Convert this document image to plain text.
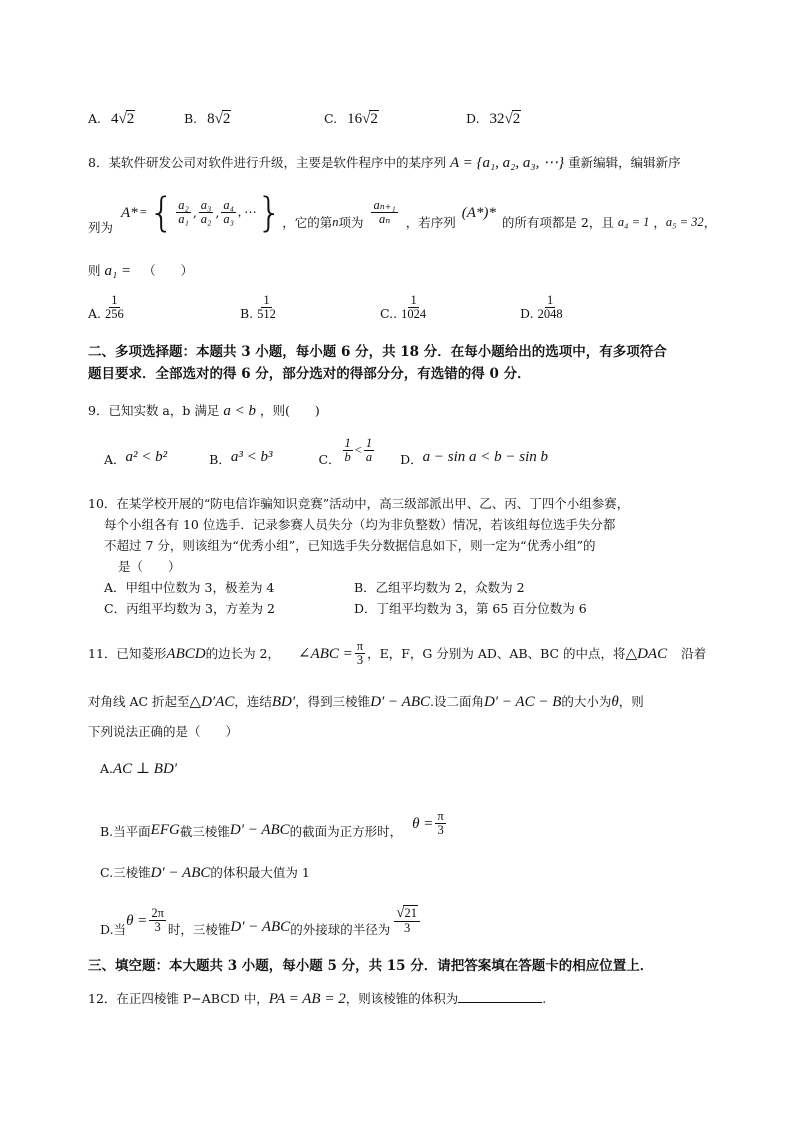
A. 4√2	B. 8√2	C. 16√2	D. 32√2
8．某软件研发公司对软件进行升级，主要是软件程序中的某序列 A = {a₁, a₂, a₃, ⋯} 重新编辑，编辑新序
列为
A* = { $\frac{\text{a₂}}{\text{a₁}}$ , $\frac{\text{a₃}}{\text{a₂}}$ , $\frac{\text{a₄}}{\text{a₃}}$ , ⋯ } ，它的第 n 项为 $\frac{\text{aₙ₊₁}}{\text{aₙ}}$ ，若序列
(A*)*
的所有项都是 2，且 a₄ = 1 ， a₅ = 32 ，
则 a₁ = （　　）
A. $\frac{1}{256}$	B. $\frac{1}{512}$	C.. $\frac{1}{1024}$	D. $\frac{1}{2048}$
二、多项选择题：本题共 3 小题，每小题 6 分，共 18 分．在每小题给出的选项中，有多项符合
题目要求．全部选对的得 6 分，部分选对的得部分分，有选错的得 0 分．
9．已知实数 a，b 满足 a < b ，则(　　)
A． a² < b²	B． a³ < b³	C． $\frac{1}{b} < \frac{1}{a}$ D． a − sin a < b − sin b
10．在某学校开展的“防电信诈骗知识竞赛”活动中，高三级部派出甲、乙、丙、丁四个小组参赛，
每个小组各有 10 位选手．记录参赛人员失分（均为非负整数）情况，若该组每位选手失分都
不超过 7 分，则该组为“优秀小组”，已知选手失分数据信息如下，则一定为“优秀小组”的
是（　　）
A．甲组中位数为 3，极差为 4	B．乙组平均数为 2，众数为 2
C．丙组平均数为 3，方差为 2	D．丁组平均数为 3，第 65 百分位数为 6
11．已知菱形 ABCD 的边长为 2， ∠ABC = $\frac{\pi}{3}$ ，E，F，G 分别为 AD、AB、BC 的中点，将 △DAC 沿着
对角线 AC 折起至△D′AC，连结BD′，得到三棱锥D′ − ABC.设二面角D′ − AC − B的大小为θ，则
下列说法正确的是（　　）
A.AC ⊥ BD′
B.当平面 EFG 截三棱锥 D′ − ABC 的截面为正方形时， $\theta = \frac{\pi}{3}$
C.三棱锥D′ − ABC的体积最大值为 1
D.当
$\theta = \frac{2\pi}{3}$ 时，三棱锥 D′ − ABC 的外接球的半径为 $\frac{√21}{3}$
三、填空题：本大题共 3 小题，每小题 5 分，共 15 分．请把答案填在答题卡的相应位置上．
12．在正四棱锥 P−ABCD 中，PA = AB = 2，则该棱锥的体积为	.
